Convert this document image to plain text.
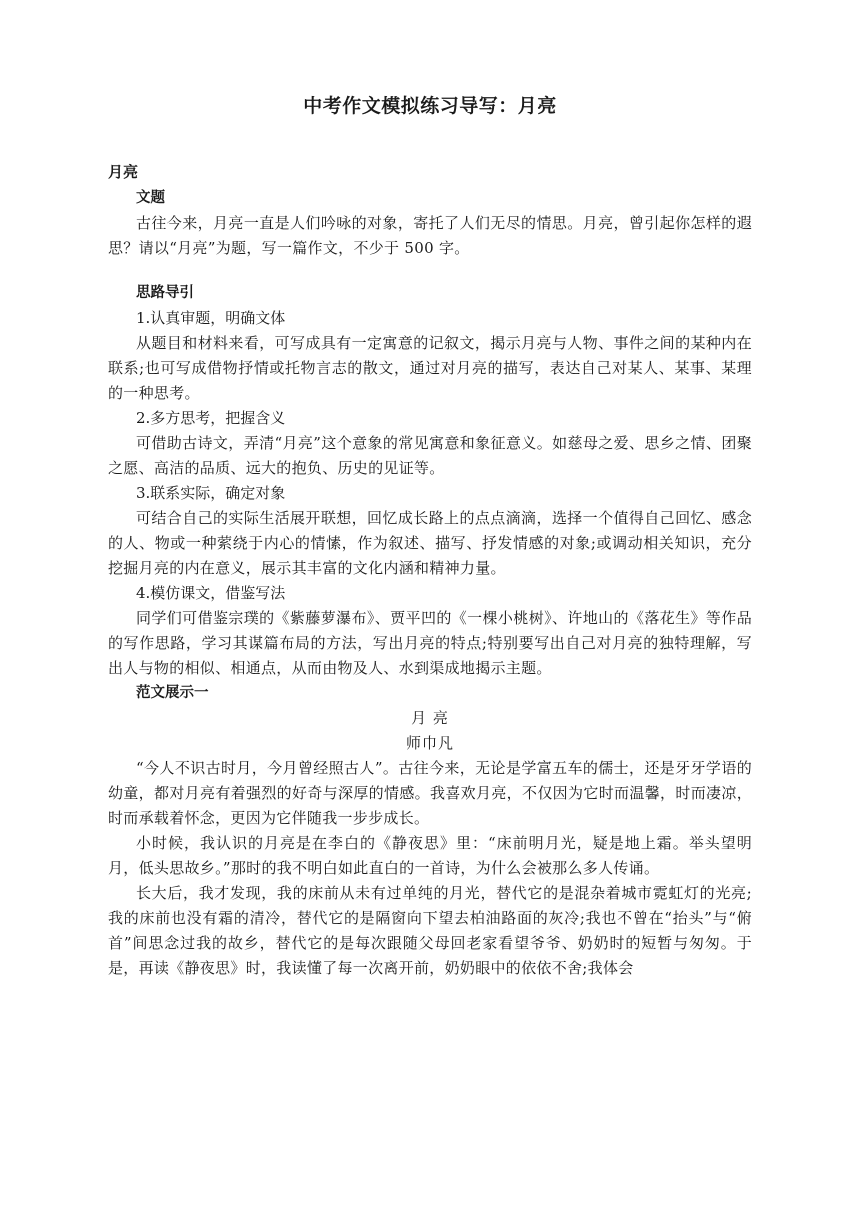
中考作文模拟练习导写：月亮

月亮

文题

古往今来，月亮一直是人们吟咏的对象，寄托了人们无尽的情思。月亮，曾引起你怎样的遐思？请以“月亮”为题，写一篇作文，不少于 500 字。

思路导引

1.认真审题，明确文体

从题目和材料来看，可写成具有一定寓意的记叙文，揭示月亮与人物、事件之间的某种内在联系;也可写成借物抒情或托物言志的散文，通过对月亮的描写，表达自己对某人、某事、某理的一种思考。

2.多方思考，把握含义

可借助古诗文，弄清“月亮”这个意象的常见寓意和象征意义。如慈母之爱、思乡之情、团聚之愿、高洁的品质、远大的抱负、历史的见证等。

3.联系实际，确定对象

可结合自己的实际生活展开联想，回忆成长路上的点点滴滴，选择一个值得自己回忆、感念的人、物或一种萦绕于内心的情愫，作为叙述、描写、抒发情感的对象;或调动相关知识，充分挖掘月亮的内在意义，展示其丰富的文化内涵和精神力量。

4.模仿课文，借鉴写法

同学们可借鉴宗璞的《紫藤萝瀑布》、贾平凹的《一棵小桃树》、许地山的《落花生》等作品的写作思路，学习其谋篇布局的方法，写出月亮的特点;特别要写出自己对月亮的独特理解，写出人与物的相似、相通点，从而由物及人、水到渠成地揭示主题。

范文展示一

月 亮

师巾凡

“今人不识古时月，今月曾经照古人”。古往今来，无论是学富五车的儒士，还是牙牙学语的幼童，都对月亮有着强烈的好奇与深厚的情感。我喜欢月亮，不仅因为它时而温馨，时而凄凉，时而承载着怀念，更因为它伴随我一步步成长。

小时候，我认识的月亮是在李白的《静夜思》里：“床前明月光，疑是地上霜。举头望明月，低头思故乡。”那时的我不明白如此直白的一首诗，为什么会被那么多人传诵。

长大后，我才发现，我的床前从未有过单纯的月光，替代它的是混杂着城市霓虹灯的光亮;我的床前也没有霜的清冷，替代它的是隔窗向下望去柏油路面的灰冷;我也不曾在“抬头”与“俯首”间思念过我的故乡，替代它的是每次跟随父母回老家看望爷爷、奶奶时的短暂与匆匆。于是，再读《静夜思》时，我读懂了每一次离开前，奶奶眼中的依依不舍;我体会
